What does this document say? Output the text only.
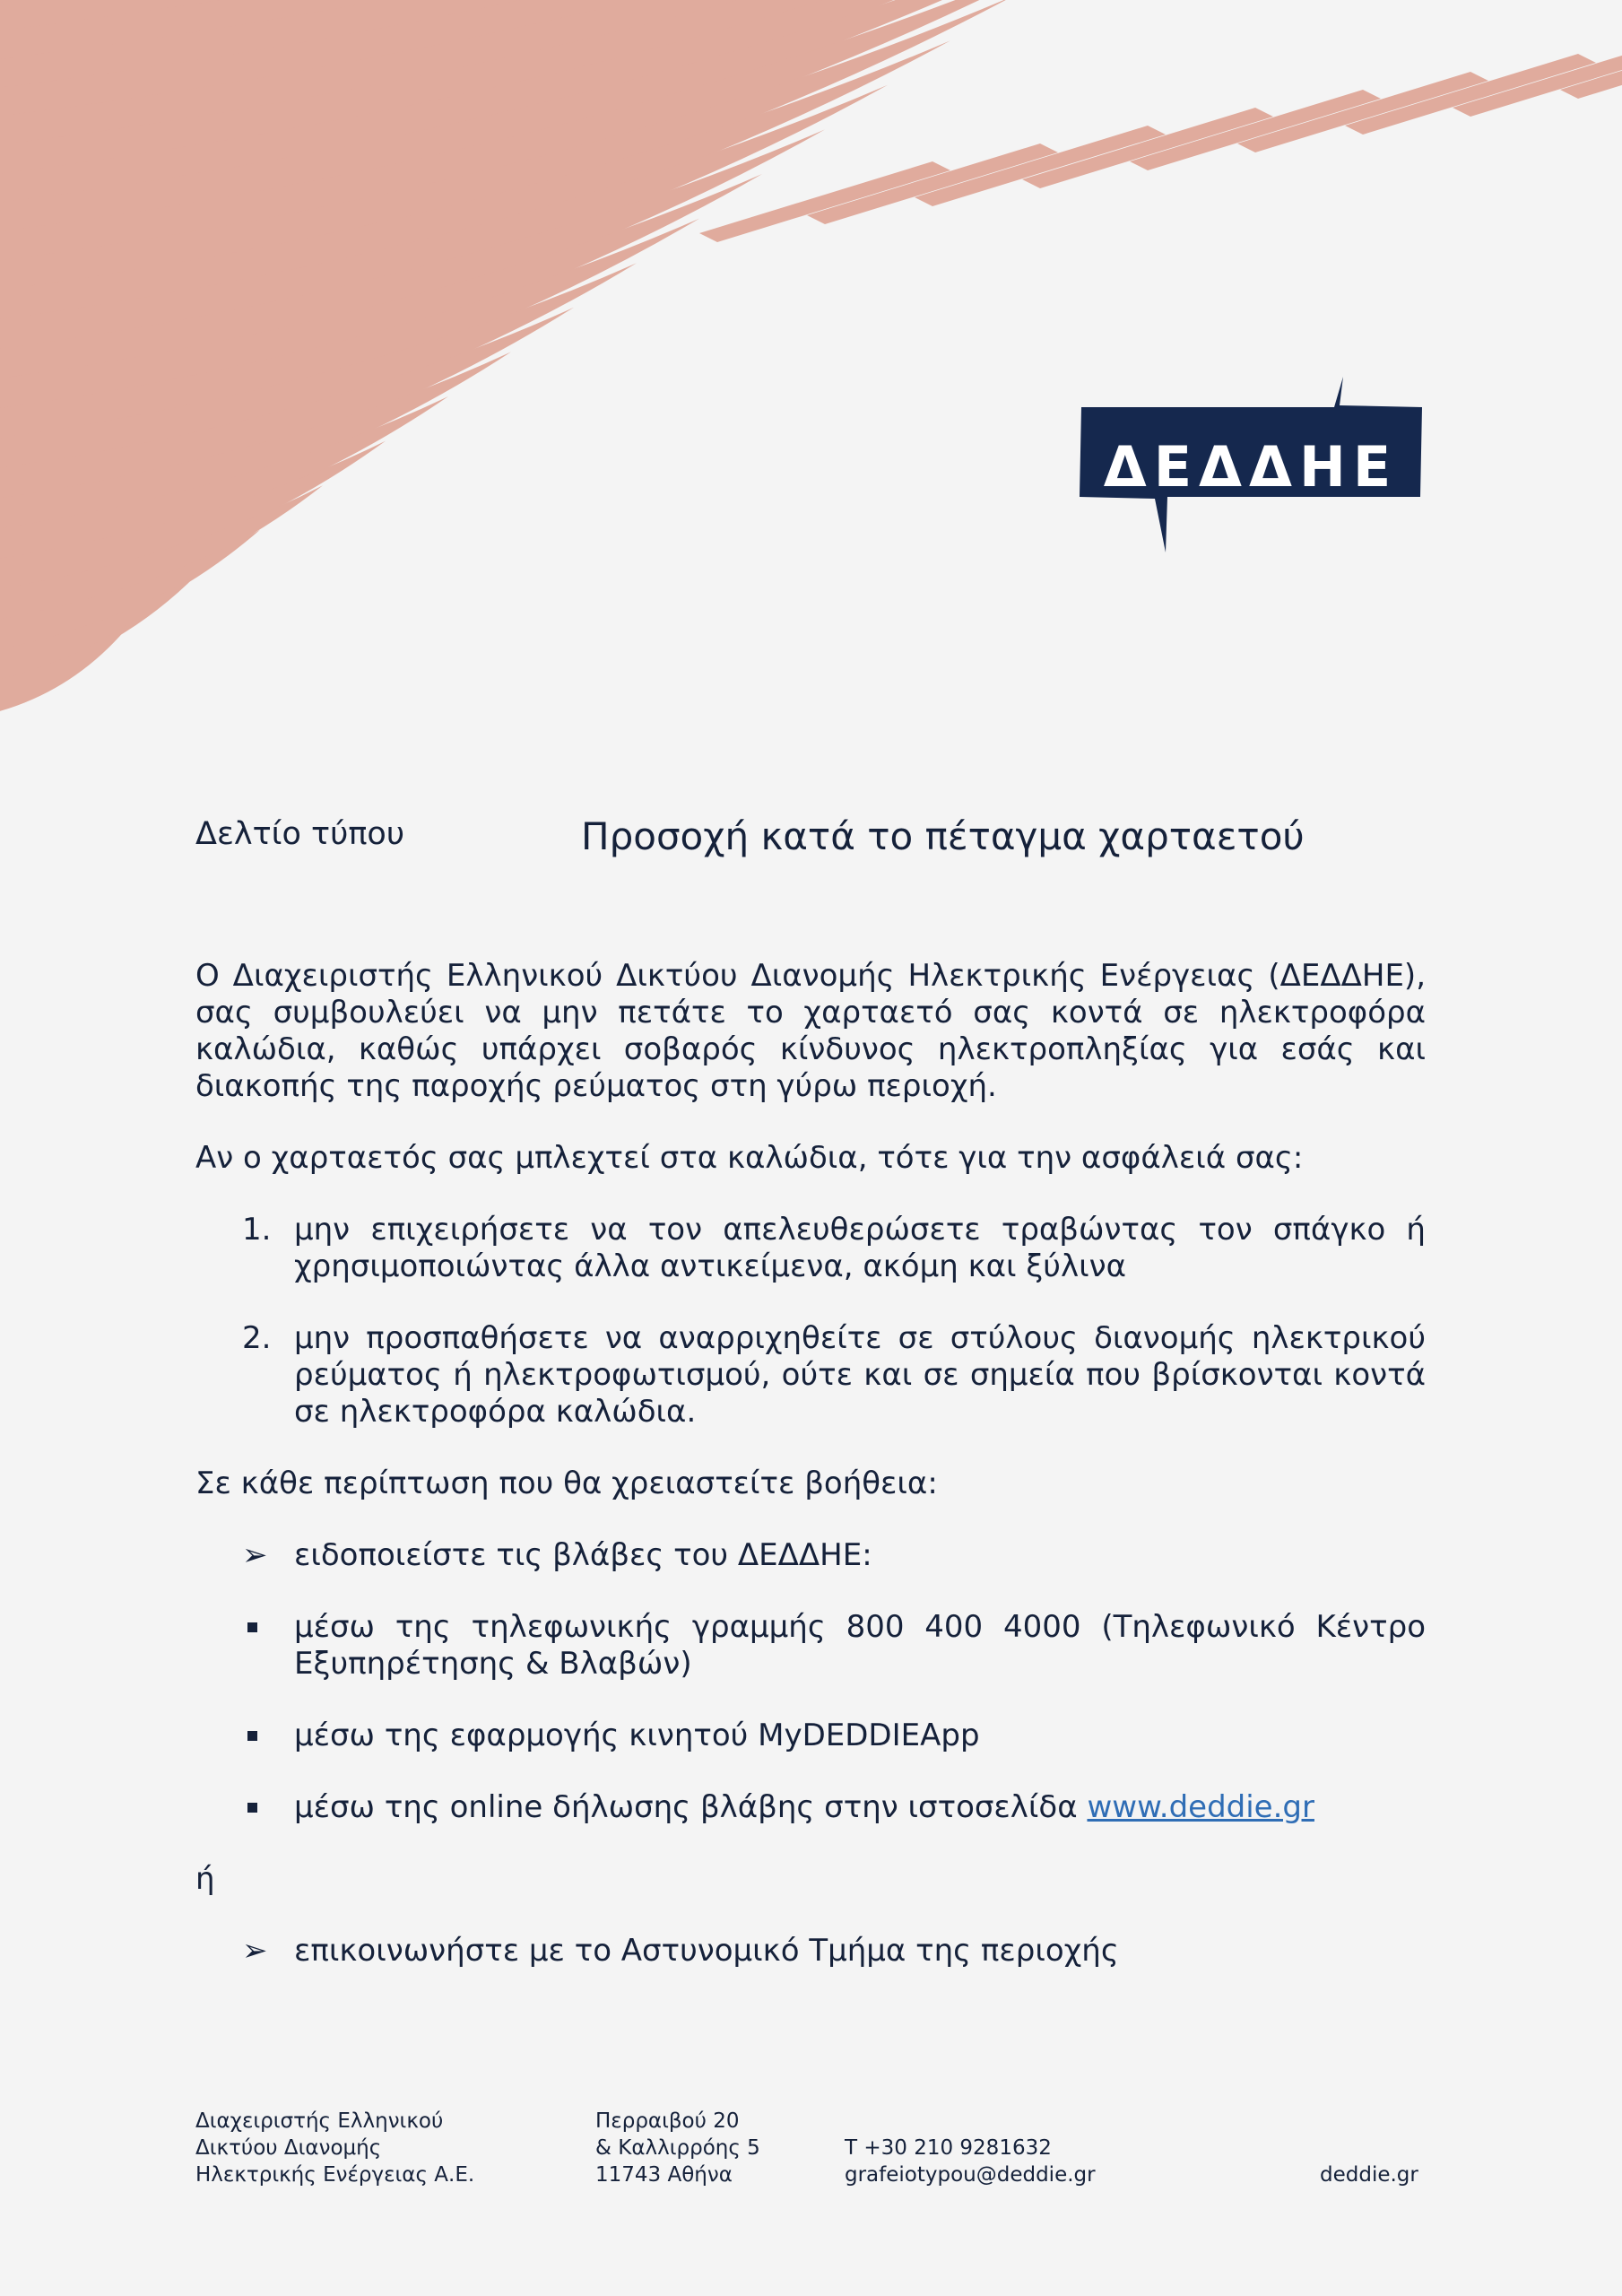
ΔΕΔΔΗΕ
Δελτίο τύπου	Προσοχή κατά το πέταγμα χαρταετού

Ο Διαχειριστής Ελληνικού Δικτύου Διανομής Ηλεκτρικής Ενέργειας (ΔΕΔΔΗΕ), σας συμβουλεύει να μην πετάτε το χαρταετό σας κοντά σε ηλεκτροφόρα καλώδια, καθώς υπάρχει σοβαρός κίνδυνος ηλεκτροπληξίας για εσάς και διακοπής της παροχής ρεύματος στη γύρω περιοχή.

Αν ο χαρταετός σας μπλεχτεί στα καλώδια, τότε για την ασφάλειά σας:

1. μην επιχειρήσετε να τον απελευθερώσετε τραβώντας τον σπάγκο ή χρησιμοποιώντας άλλα αντικείμενα, ακόμη και ξύλινα

2. μην προσπαθήσετε να αναρριχηθείτε σε στύλους διανομής ηλεκτρικού ρεύματος ή ηλεκτροφωτισμού, ούτε και σε σημεία που βρίσκονται κοντά σε ηλεκτροφόρα καλώδια.

Σε κάθε περίπτωση που θα χρειαστείτε βοήθεια:

➢ ειδοποιείστε τις βλάβες του ΔΕΔΔΗΕ:

μέσω της τηλεφωνικής γραμμής 800 400 4000 (Τηλεφωνικό Κέντρο Εξυπηρέτησης & Βλαβών)

μέσω της εφαρμογής κινητού MyDEDDIEApp

μέσω της online δήλωσης βλάβης στην ιστοσελίδα www.deddie.gr

ή

➢ επικοινωνήστε με το Αστυνομικό Τμήμα της περιοχής

Διαχειριστής Ελληνικού
Δικτύου Διανομής
Ηλεκτρικής Ενέργειας Α.Ε.
Περραιβού 20
& Καλλιρρόης 5
11743 Αθήνα
Τ +30 210 9281632
grafeiotypou@deddie.gr	deddie.gr
